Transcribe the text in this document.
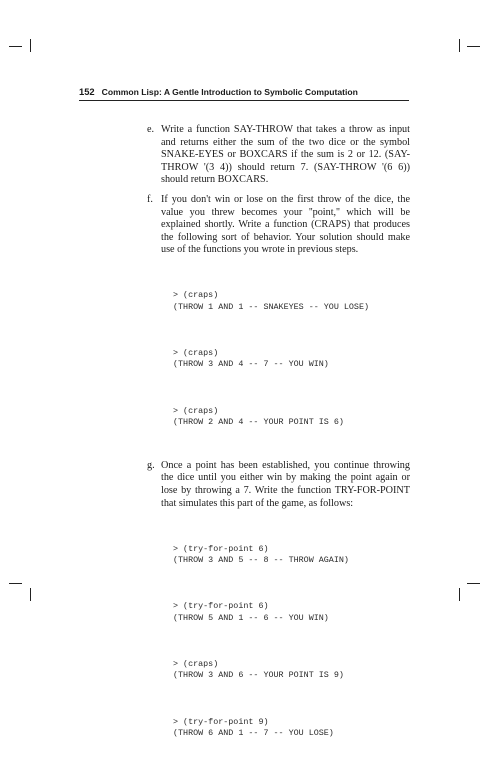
152 Common Lisp: A Gentle Introduction to Symbolic Computation
e. Write a function SAY-THROW that takes a throw as input and returns either the sum of the two dice or the symbol SNAKE-EYES or BOXCARS if the sum is 2 or 12. (SAY-THROW '(3 4)) should return 7. (SAY-THROW '(6 6)) should return BOXCARS.
f. If you don't win or lose on the first throw of the dice, the value you threw becomes your ''point,'' which will be explained shortly. Write a function (CRAPS) that produces the following sort of behavior. Your solution should make use of the functions you wrote in previous steps.

> (craps)
(THROW 1 AND 1 -- SNAKEYES -- YOU LOSE)

> (craps)
(THROW 3 AND 4 -- 7 -- YOU WIN)

> (craps)
(THROW 2 AND 4 -- YOUR POINT IS 6)

g. Once a point has been established, you continue throwing the dice until you either win by making the point again or lose by throwing a 7. Write the function TRY-FOR-POINT that simulates this part of the game, as follows:

> (try-for-point 6)
(THROW 3 AND 5 -- 8 -- THROW AGAIN)

> (try-for-point 6)
(THROW 5 AND 1 -- 6 -- YOU WIN)

> (craps)
(THROW 3 AND 6 -- YOUR POINT IS 9)

> (try-for-point 9)
(THROW 6 AND 1 -- 7 -- YOU LOSE)
